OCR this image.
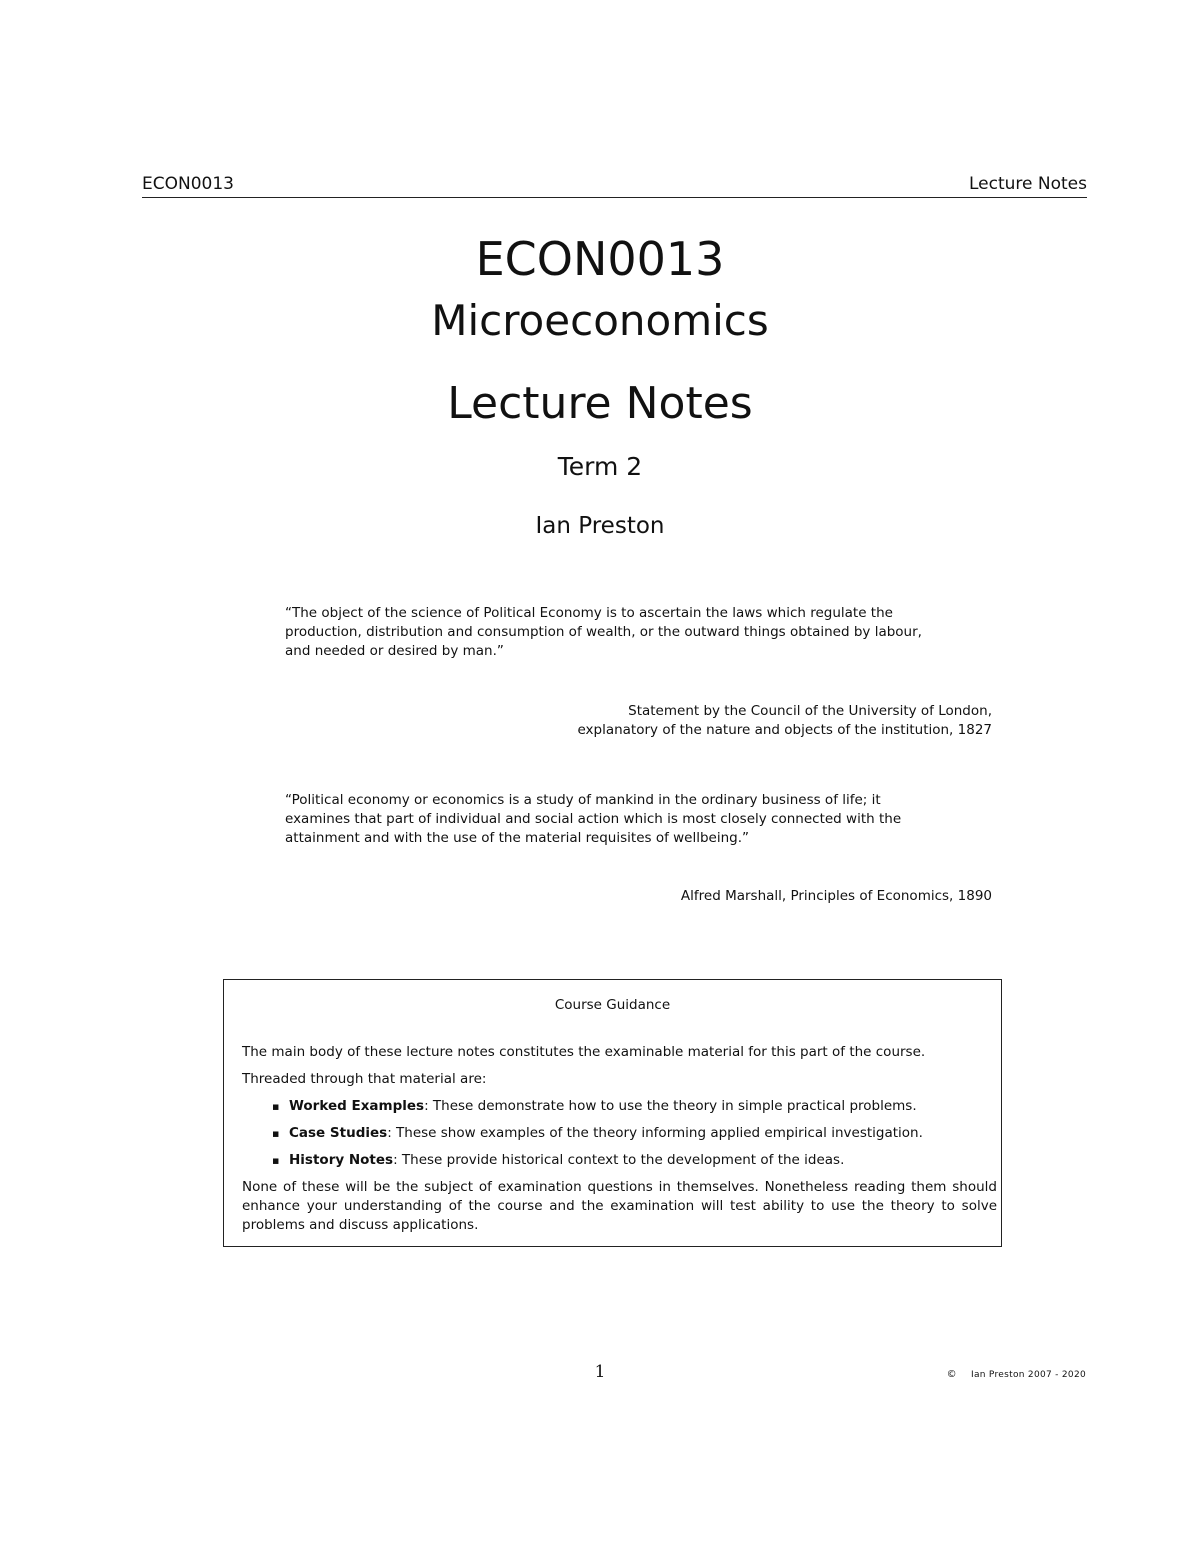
ECON0013	Lecture Notes
ECON0013
Microeconomics
Lecture Notes
Term 2
Ian Preston
“The object of the science of Political Economy is to ascertain the laws which regulate the production, distribution and consumption of wealth, or the outward things obtained by labour, and needed or desired by man.”
Statement by the Council of the University of London,
explanatory of the nature and objects of the institution, 1827
“Political economy or economics is a study of mankind in the ordinary business of life; it examines that part of individual and social action which is most closely connected with the attainment and with the use of the material requisites of wellbeing.”
Alfred Marshall, Principles of Economics, 1890
Course Guidance

The main body of these lecture notes constitutes the examinable material for this part of the course.

Threaded through that material are:

▪ Worked Examples: These demonstrate how to use the theory in simple practical problems.
▪ Case Studies: These show examples of the theory informing applied empirical investigation.
▪ History Notes: These provide historical context to the development of the ideas.

None of these will be the subject of examination questions in themselves. Nonetheless reading them should enhance your understanding of the course and the examination will test ability to use the theory to solve problems and discuss applications.

1	© Ian Preston 2007 - 2020
